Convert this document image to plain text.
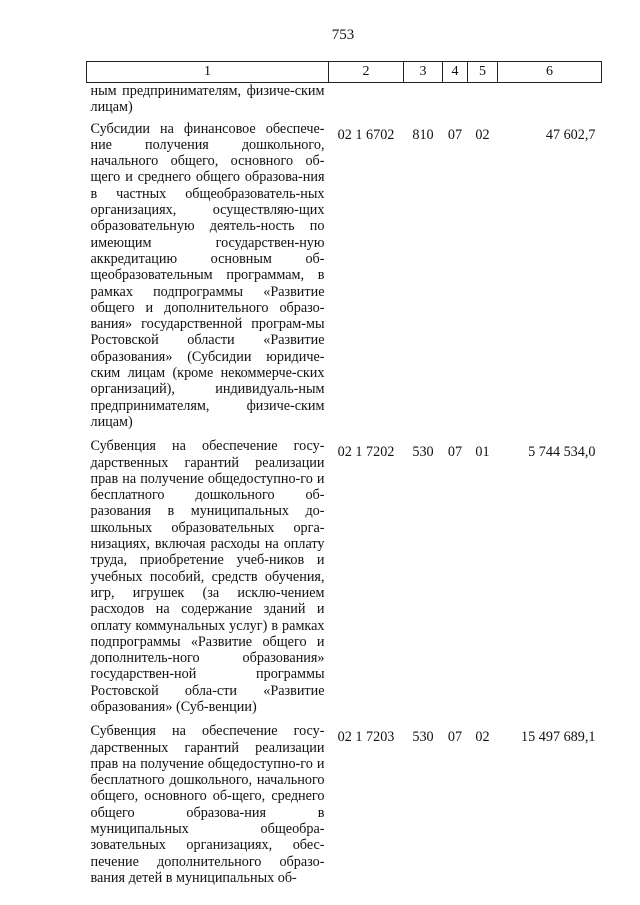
753
1	2	3	4	5	6
ным предпринимателям, физиче-ским лицам)					
Субсидии на финансовое обеспече-ние получения дошкольного, начального общего, основного об-щего и среднего общего образова-ния в частных общеобразователь-ных организациях, осуществляю-щих образовательную деятель-ность по имеющим государствен-ную аккредитацию основным об-щеобразовательным программам, в рамках подпрограммы «Развитие общего и дополнительного образо-вания» государственной програм-мы Ростовской области «Развитие образования» (Субсидии юридиче-ским лицам (кроме некоммерче-ских организаций), индивидуаль-ным предпринимателям, физиче-ским лицам)	02 1 6702	810	07	02	47 602,7
Субвенция на обеспечение госу-дарственных гарантий реализации прав на получение общедоступно-го и бесплатного дошкольного об-разования в муниципальных до-школьных образовательных орга-низациях, включая расходы на оплату труда, приобретение учеб-ников и учебных пособий, средств обучения, игр, игрушек (за исклю-чением расходов на содержание зданий и оплату коммунальных услуг) в рамках подпрограммы «Развитие общего и дополнитель-ного образования» государствен-ной программы Ростовской обла-сти «Развитие образования» (Суб-венции)	02 1 7202	530	07	01	5 744 534,0
Субвенция на обеспечение госу-дарственных гарантий реализации прав на получение общедоступно-го и бесплатного дошкольного, начального общего, основного об-щего, среднего общего образова-ния в муниципальных общеобра-зовательных организациях, обес-печение дополнительного образо-вания детей в муниципальных об-	02 1 7203	530	07	02	15 497 689,1
